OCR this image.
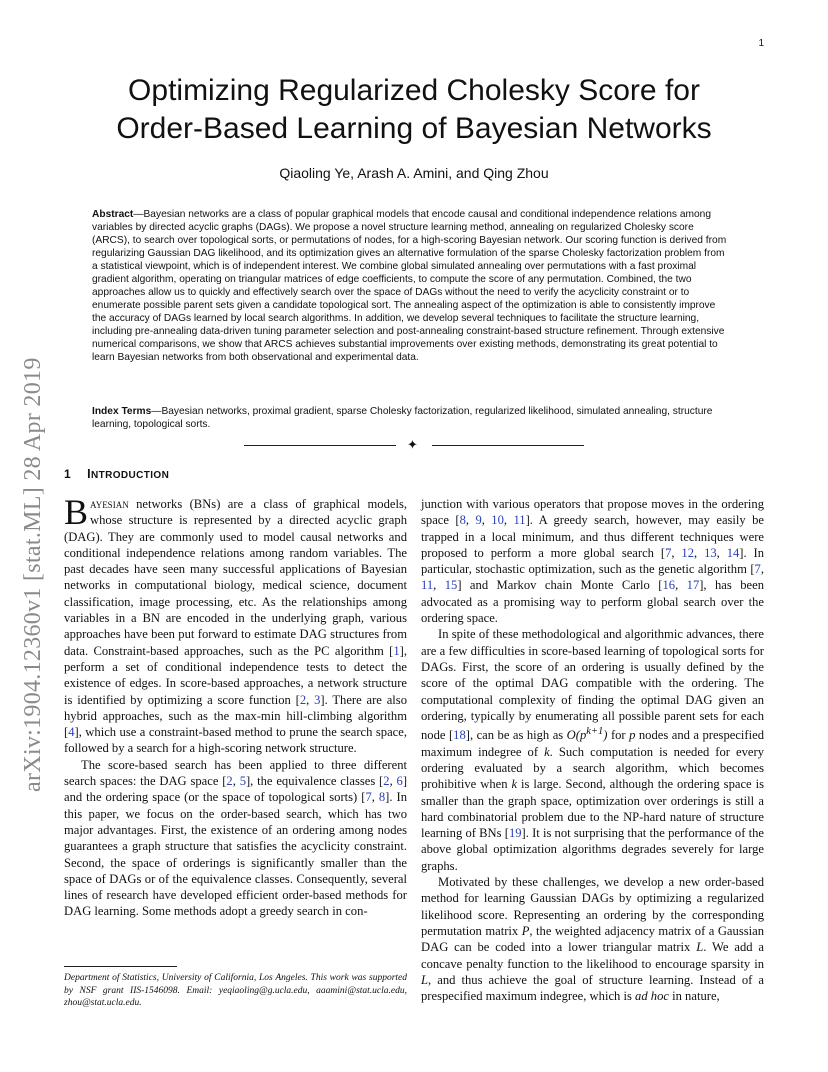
1
arXiv:1904.12360v1 [stat.ML] 28 Apr 2019
Optimizing Regularized Cholesky Score for
Order-Based Learning of Bayesian Networks
Qiaoling Ye, Arash A. Amini, and Qing Zhou
Abstract—Bayesian networks are a class of popular graphical models that encode causal and conditional independence relations among variables by directed acyclic graphs (DAGs). We propose a novel structure learning method, annealing on regularized Cholesky score (ARCS), to search over topological sorts, or permutations of nodes, for a high-scoring Bayesian network. Our scoring function is derived from regularizing Gaussian DAG likelihood, and its optimization gives an alternative formulation of the sparse Cholesky factorization problem from a statistical viewpoint, which is of independent interest. We combine global simulated annealing over permutations with a fast proximal gradient algorithm, operating on triangular matrices of edge coefficients, to compute the score of any permutation. Combined, the two approaches allow us to quickly and effectively search over the space of DAGs without the need to verify the acyclicity constraint or to enumerate possible parent sets given a candidate topological sort. The annealing aspect of the optimization is able to consistently improve the accuracy of DAGs learned by local search algorithms. In addition, we develop several techniques to facilitate the structure learning, including pre-annealing data-driven tuning parameter selection and post-annealing constraint-based structure refinement. Through extensive numerical comparisons, we show that ARCS achieves substantial improvements over existing methods, demonstrating its great potential to learn Bayesian networks from both observational and experimental data.
Index Terms—Bayesian networks, proximal gradient, sparse Cholesky factorization, regularized likelihood, simulated annealing, structure learning, topological sorts.
✦
1 INTRODUCTION

Bayesian networks (BNs) are a class of graphical models, whose structure is represented by a directed acyclic graph (DAG). They are commonly used to model causal networks and conditional independence relations among random variables. The past decades have seen many successful applications of Bayesian networks in computational biology, medical science, document classification, image processing, etc. As the relationships among variables in a BN are encoded in the underlying graph, various approaches have been put forward to estimate DAG structures from data. Constraint-based approaches, such as the PC algorithm [1], perform a set of conditional independence tests to detect the existence of edges. In score-based approaches, a network structure is identified by optimizing a score function [2, 3]. There are also hybrid approaches, such as the max-min hill-climbing algorithm [4], which use a constraint-based method to prune the search space, followed by a search for a high-scoring network structure.

The score-based search has been applied to three different search spaces: the DAG space [2, 5], the equivalence classes [2, 6] and the ordering space (or the space of topological sorts) [7, 8]. In this paper, we focus on the order-based search, which has two major advantages. First, the existence of an ordering among nodes guarantees a graph structure that satisfies the acyclicity constraint. Second, the space of orderings is significantly smaller than the space of DAGs or of the equivalence classes. Consequently, several lines of research have developed efficient order-based methods for DAG learning. Some methods adopt a greedy search in con-

junction with various operators that propose moves in the ordering space [8, 9, 10, 11]. A greedy search, however, may easily be trapped in a local minimum, and thus different techniques were proposed to perform a more global search [7, 12, 13, 14]. In particular, stochastic optimization, such as the genetic algorithm [7, 11, 15] and Markov chain Monte Carlo [16, 17], has been advocated as a promising way to perform global search over the ordering space.

In spite of these methodological and algorithmic advances, there are a few difficulties in score-based learning of topological sorts for DAGs. First, the score of an ordering is usually defined by the score of the optimal DAG compatible with the ordering. The computational complexity of finding the optimal DAG given an ordering, typically by enumerating all possible parent sets for each node [18], can be as high as $O(p^{k+1})$ for p nodes and a prespecified maximum indegree of k. Such computation is needed for every ordering evaluated by a search algorithm, which becomes prohibitive when k is large. Second, although the ordering space is smaller than the graph space, optimization over orderings is still a hard combinatorial problem due to the NP-hard nature of structure learning of BNs [19]. It is not surprising that the performance of the above global optimization algorithms degrades severely for large graphs.

Motivated by these challenges, we develop a new order-based method for learning Gaussian DAGs by optimizing a regularized likelihood score. Representing an ordering by the corresponding permutation matrix P, the weighted adjacency matrix of a Gaussian DAG can be coded into a lower triangular matrix L. We add a concave penalty function to the likelihood to encourage sparsity in L, and thus achieve the goal of structure learning. Instead of a prespecified maximum indegree, which is ad hoc in nature,

Department of Statistics, University of California, Los Angeles. This work was supported by NSF grant IIS-1546098. Email: yeqiaoling@g.ucla.edu, aaamini@stat.ucla.edu, zhou@stat.ucla.edu.
